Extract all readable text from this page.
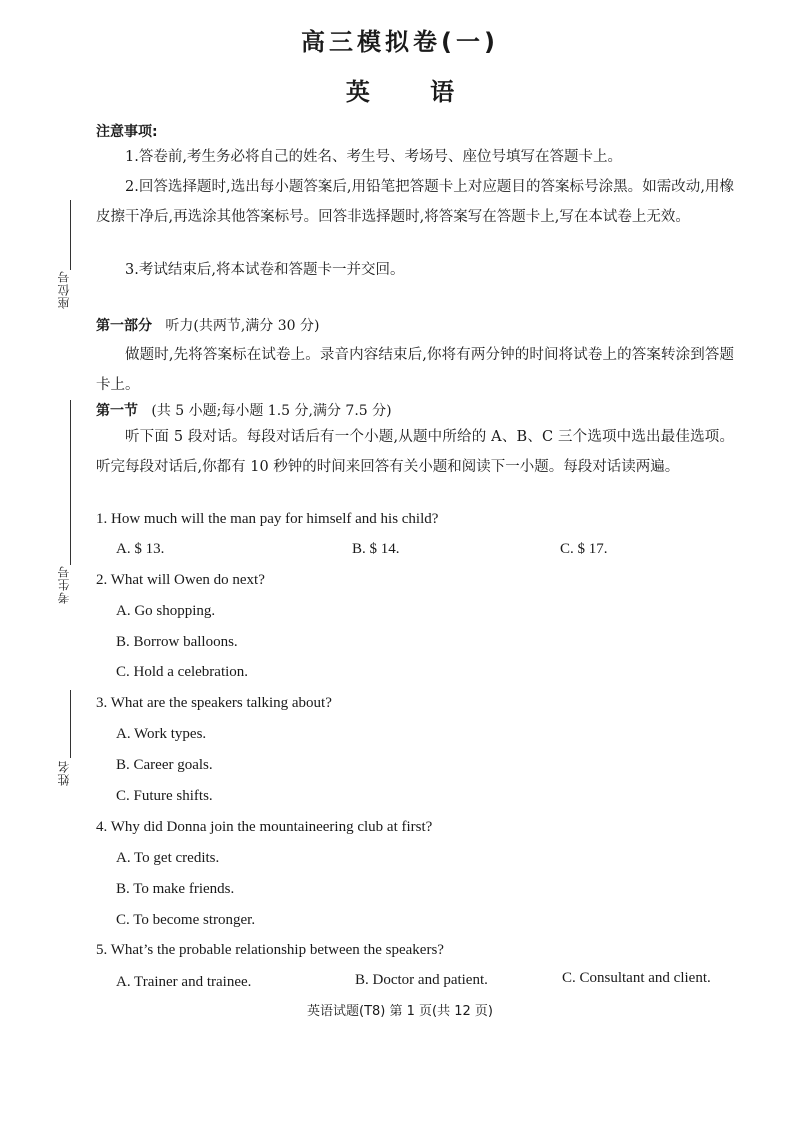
高三模拟卷(一)
英 语
注意事项:
1.答卷前,考生务必将自己的姓名、考生号、考场号、座位号填写在答题卡上。
2.回答选择题时,选出每小题答案后,用铅笔把答题卡上对应题目的答案标号涂黑。如需改动,用橡皮擦干净后,再选涂其他答案标号。回答非选择题时,将答案写在答题卡上,写在本试卷上无效。
3.考试结束后,将本试卷和答题卡一并交回。
座位号
考生号
姓名
第一部分 听力(共两节,满分 30 分)
做题时,先将答案标在试卷上。录音内容结束后,你将有两分钟的时间将试卷上的答案转涂到答题卡上。
第一节 (共 5 小题;每小题 1.5 分,满分 7.5 分)
听下面 5 段对话。每段对话后有一个小题,从题中所给的 A、B、C 三个选项中选出最佳选项。听完每段对话后,你都有 10 秒钟的时间来回答有关小题和阅读下一小题。每段对话读两遍。
1. How much will the man pay for himself and his child?
A. $ 13.	B. $ 14.	C. $ 17.
2. What will Owen do next?
A. Go shopping.
B. Borrow balloons.
C. Hold a celebration.
3. What are the speakers talking about?
A. Work types.
B. Career goals.
C. Future shifts.
4. Why did Donna join the mountaineering club at first?
A. To get credits.
B. To make friends.
C. To become stronger.
5. What’s the probable relationship between the speakers?
A. Trainer and trainee.	B. Doctor and patient.	C. Consultant and client.
英语试题(T8) 第 1 页(共 12 页)
